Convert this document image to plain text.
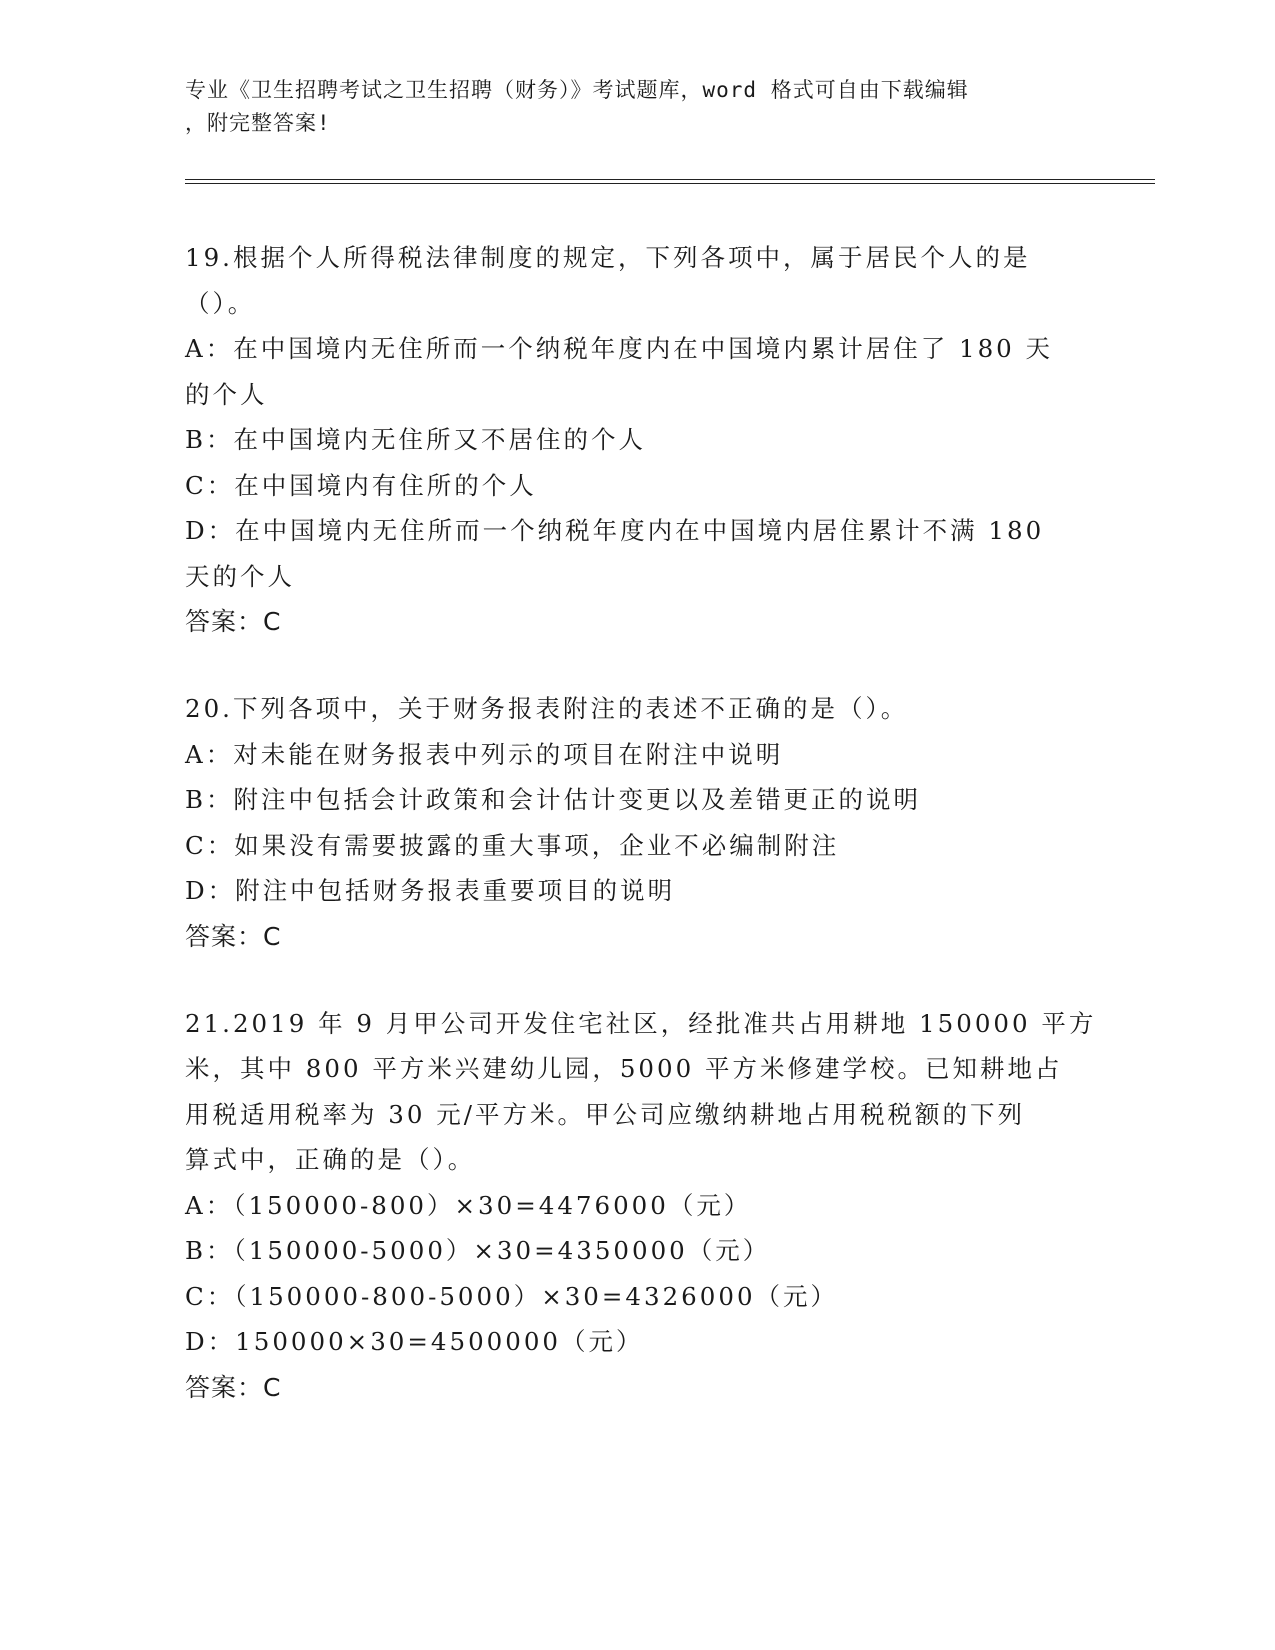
专业《卫生招聘考试之卫生招聘（财务）》考试题库，word 格式可自由下载编辑
，附完整答案!
19.根据个人所得税法律制度的规定，下列各项中，属于居民个人的是
（）。
A：在中国境内无住所而一个纳税年度内在中国境内累计居住了 180 天
的个人
B：在中国境内无住所又不居住的个人
C：在中国境内有住所的个人
D：在中国境内无住所而一个纳税年度内在中国境内居住累计不满 180
天的个人
答案：C
20.下列各项中，关于财务报表附注的表述不正确的是（）。
A：对未能在财务报表中列示的项目在附注中说明
B：附注中包括会计政策和会计估计变更以及差错更正的说明
C：如果没有需要披露的重大事项，企业不必编制附注
D：附注中包括财务报表重要项目的说明
答案：C
21.2019 年 9 月甲公司开发住宅社区，经批准共占用耕地 150000 平方
米，其中 800 平方米兴建幼儿园，5000 平方米修建学校。已知耕地占
用税适用税率为 30 元/平方米。甲公司应缴纳耕地占用税税额的下列
算式中，正确的是（）。
A：（150000-800）×30=4476000（元）
B：（150000-5000）×30=4350000（元）
C：（150000-800-5000）×30=4326000（元）
D：150000×30=4500000（元）
答案：C
